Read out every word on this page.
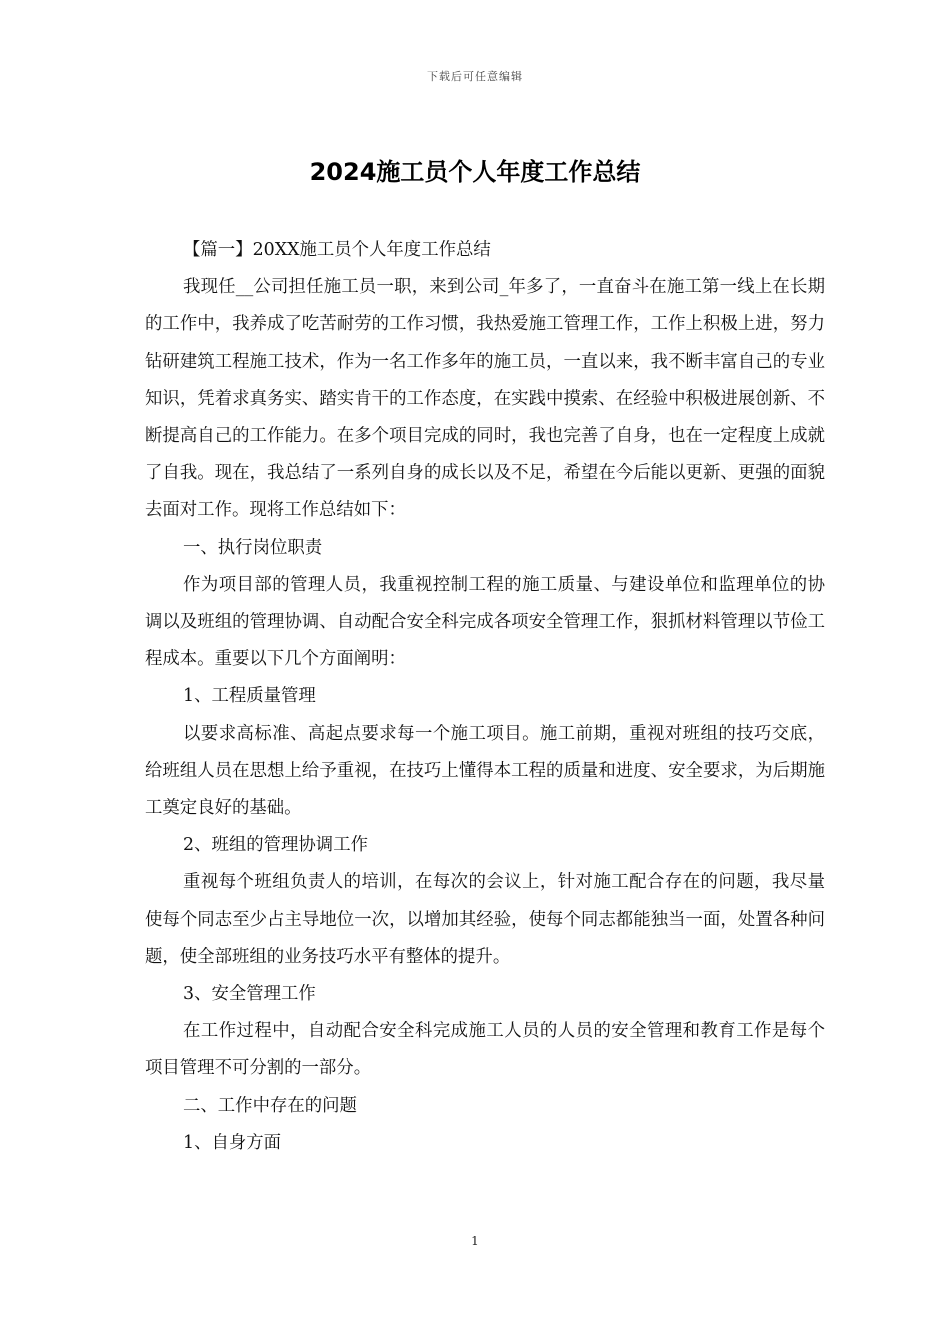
下载后可任意编辑
2024施工员个人年度工作总结

【篇一】20XX施工员个人年度工作总结

我现任__公司担任施工员一职，来到公司_年多了，一直奋斗在施工第一线上在长期的工作中，我养成了吃苦耐劳的工作习惯，我热爱施工管理工作，工作上积极上进，努力钻研建筑工程施工技术，作为一名工作多年的施工员，一直以来，我不断丰富自己的专业知识，凭着求真务实、踏实肯干的工作态度，在实践中摸索、在经验中积极进展创新、不断提高自己的工作能力。在多个项目完成的同时，我也完善了自身，也在一定程度上成就了自我。现在，我总结了一系列自身的成长以及不足，希望在今后能以更新、更强的面貌去面对工作。现将工作总结如下：

一、执行岗位职责

作为项目部的管理人员，我重视控制工程的施工质量、与建设单位和监理单位的协调以及班组的管理协调、自动配合安全科完成各项安全管理工作，狠抓材料管理以节俭工程成本。重要以下几个方面阐明：

1、工程质量管理

以要求高标准、高起点要求每一个施工项目。施工前期，重视对班组的技巧交底，给班组人员在思想上给予重视，在技巧上懂得本工程的质量和进度、安全要求，为后期施工奠定良好的基础。

2、班组的管理协调工作

重视每个班组负责人的培训，在每次的会议上，针对施工配合存在的问题，我尽量使每个同志至少占主导地位一次，以增加其经验，使每个同志都能独当一面，处置各种问题，使全部班组的业务技巧水平有整体的提升。

3、安全管理工作

在工作过程中，自动配合安全科完成施工人员的人员的安全管理和教育工作是每个项目管理不可分割的一部分。

二、工作中存在的问题

1、自身方面

1
